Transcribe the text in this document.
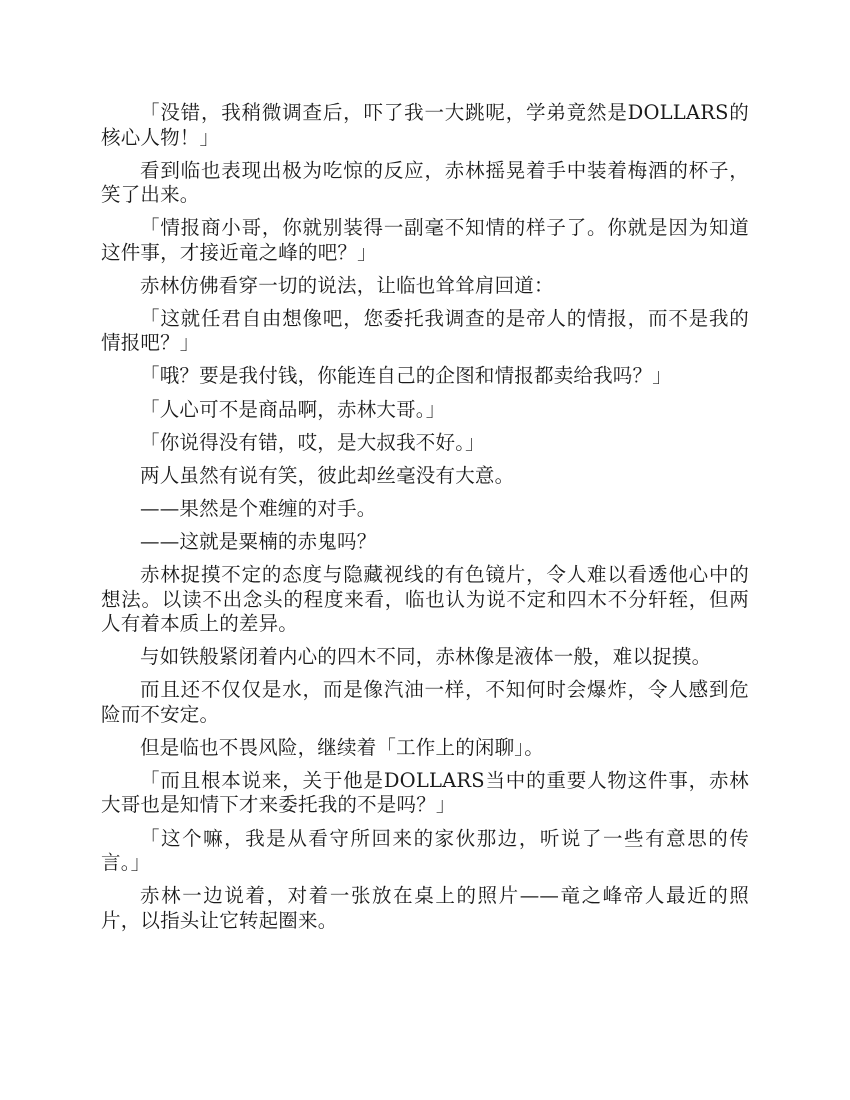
「没错，我稍微调查后，吓了我一大跳呢，学弟竟然是DOLLARS的核心人物！」

看到临也表现出极为吃惊的反应，赤林摇晃着手中装着梅酒的杯子，笑了出来。

「情报商小哥，你就别装得一副毫不知情的样子了。你就是因为知道这件事，才接近竜之峰的吧？」

赤林仿佛看穿一切的说法，让临也耸耸肩回道：

「这就任君自由想像吧，您委托我调查的是帝人的情报，而不是我的情报吧？」

「哦？要是我付钱，你能连自己的企图和情报都卖给我吗？」

「人心可不是商品啊，赤林大哥。」

「你说得没有错，哎，是大叔我不好。」

两人虽然有说有笑，彼此却丝毫没有大意。

——果然是个难缠的对手。

——这就是粟楠的赤鬼吗？

赤林捉摸不定的态度与隐藏视线的有色镜片，令人难以看透他心中的想法。以读不出念头的程度来看，临也认为说不定和四木不分轩轾，但两人有着本质上的差异。

与如铁般紧闭着内心的四木不同，赤林像是液体一般，难以捉摸。

而且还不仅仅是水，而是像汽油一样，不知何时会爆炸，令人感到危险而不安定。

但是临也不畏风险，继续着「工作上的闲聊」。

「而且根本说来，关于他是DOLLARS当中的重要人物这件事，赤林大哥也是知情下才来委托我的不是吗？」

「这个嘛，我是从看守所回来的家伙那边，听说了一些有意思的传言。」

赤林一边说着，对着一张放在桌上的照片——竜之峰帝人最近的照片，以指头让它转起圈来。
